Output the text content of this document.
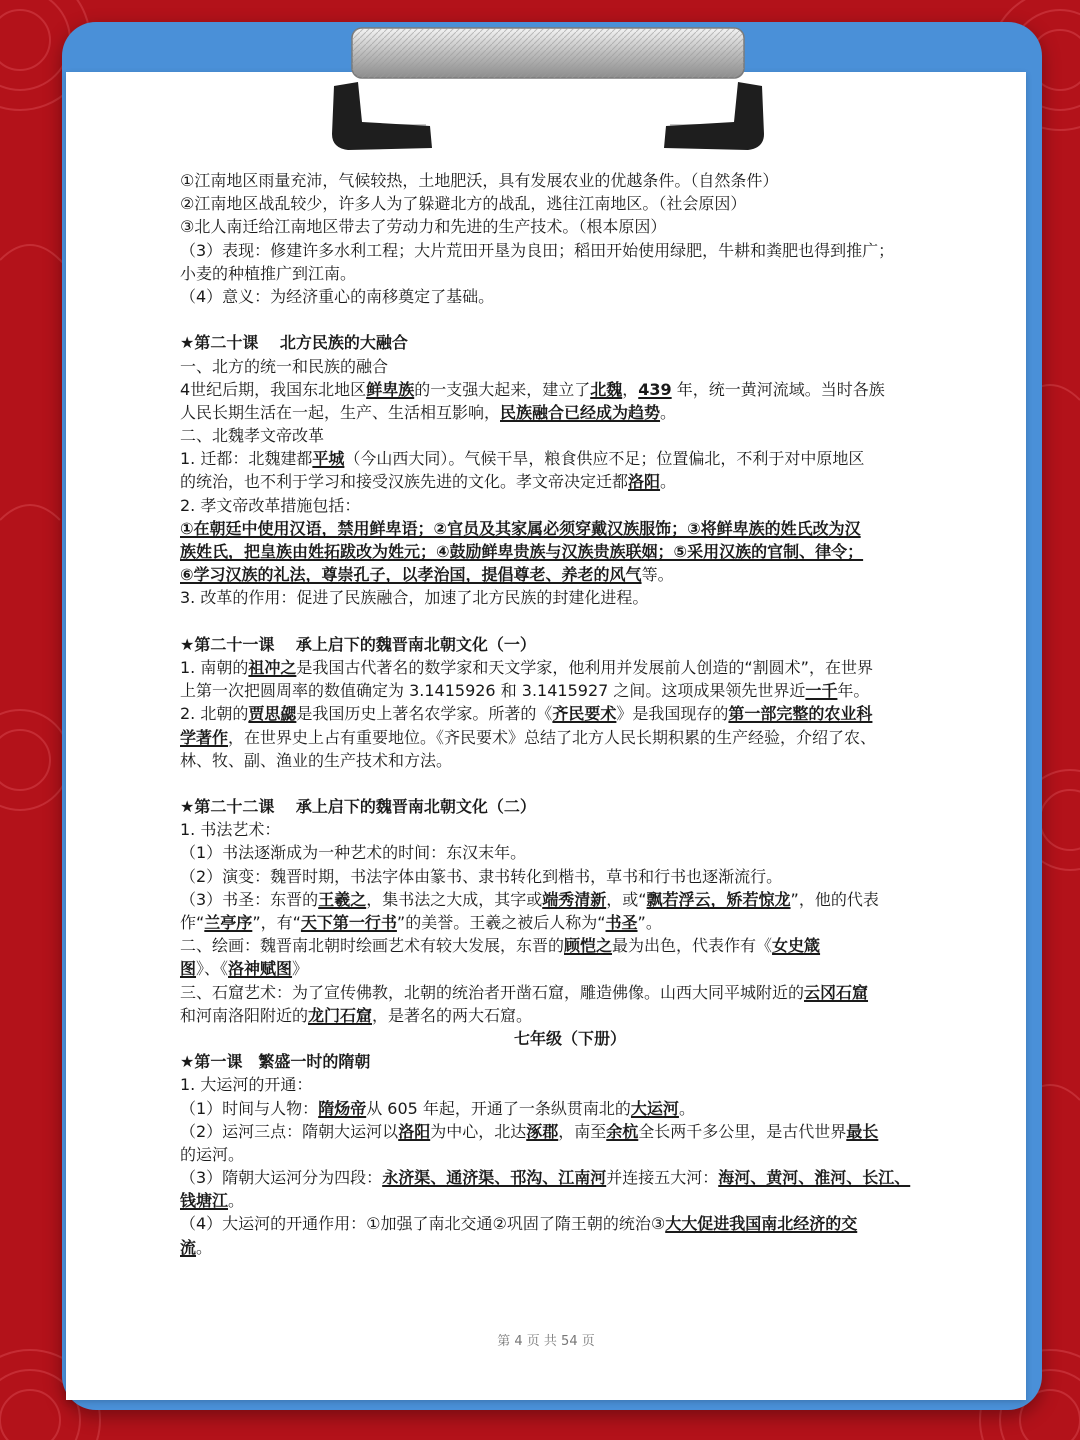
①江南地区雨量充沛，气候较热，土地肥沃，具有发展农业的优越条件。（自然条件）
②江南地区战乱较少，许多人为了躲避北方的战乱，逃往江南地区。（社会原因）
③北人南迁给江南地区带去了劳动力和先进的生产技术。（根本原因）
（3）表现：修建许多水利工程；大片荒田开垦为良田；稻田开始使用绿肥，牛耕和粪肥也得到推广；
小麦的种植推广到江南。
（4）意义：为经济重心的南移奠定了基础。
★第二十课　 北方民族的大融合
一、北方的统一和民族的融合
4世纪后期，我国东北地区鲜卑族的一支强大起来，建立了北魏，439 年，统一黄河流域。当时各族
人民长期生活在一起，生产、生活相互影响，民族融合已经成为趋势。
二、北魏孝文帝改革
1. 迁都：北魏建都平城（今山西大同）。气候干旱，粮食供应不足；位置偏北，不利于对中原地区
的统治，也不利于学习和接受汉族先进的文化。孝文帝决定迁都洛阳。
2. 孝文帝改革措施包括：
①在朝廷中使用汉语，禁用鲜卑语；②官员及其家属必须穿戴汉族服饰；③将鲜卑族的姓氏改为汉
族姓氏，把皇族由姓拓跋改为姓元；④鼓励鲜卑贵族与汉族贵族联姻；⑤采用汉族的官制、律令；
⑥学习汉族的礼法，尊崇孔子，以孝治国，提倡尊老、养老的风气等。
3. 改革的作用：促进了民族融合，加速了北方民族的封建化进程。
★第二十一课　 承上启下的魏晋南北朝文化（一）
1. 南朝的祖冲之是我国古代著名的数学家和天文学家，他利用并发展前人创造的“割圆术”，在世界
上第一次把圆周率的数值确定为 3.1415926 和 3.1415927 之间。这项成果领先世界近一千年。
2. 北朝的贾思勰是我国历史上著名农学家。所著的《齐民要术》是我国现存的第一部完整的农业科
学著作，在世界史上占有重要地位。《齐民要术》总结了北方人民长期积累的生产经验，介绍了农、
林、牧、副、渔业的生产技术和方法。
★第二十二课　 承上启下的魏晋南北朝文化（二）
1. 书法艺术：
（1）书法逐渐成为一种艺术的时间：东汉末年。
（2）演变：魏晋时期，书法字体由篆书、隶书转化到楷书，草书和行书也逐渐流行。
（3）书圣：东晋的王羲之，集书法之大成，其字或端秀清新，或“飘若浮云，矫若惊龙”，他的代表
作“兰亭序”，有“天下第一行书”的美誉。王羲之被后人称为“书圣”。
二、绘画：魏晋南北朝时绘画艺术有较大发展，东晋的顾恺之最为出色，代表作有《女史箴
图》、《洛神赋图》
三、石窟艺术：为了宣传佛教，北朝的统治者开凿石窟，雕造佛像。山西大同平城附近的云冈石窟
和河南洛阳附近的龙门石窟，是著名的两大石窟。
七年级（下册）
★第一课　繁盛一时的隋朝
1. 大运河的开通：
（1）时间与人物：隋炀帝从 605 年起，开通了一条纵贯南北的大运河。
（2）运河三点：隋朝大运河以洛阳为中心，北达涿郡，南至余杭全长两千多公里，是古代世界最长
的运河。
（3）隋朝大运河分为四段：永济渠、通济渠、邗沟、江南河并连接五大河：海河、黄河、淮河、长江、
钱塘江。
（4）大运河的开通作用：①加强了南北交通②巩固了隋王朝的统治③大大促进我国南北经济的交
流。
第 4 页 共 54 页
